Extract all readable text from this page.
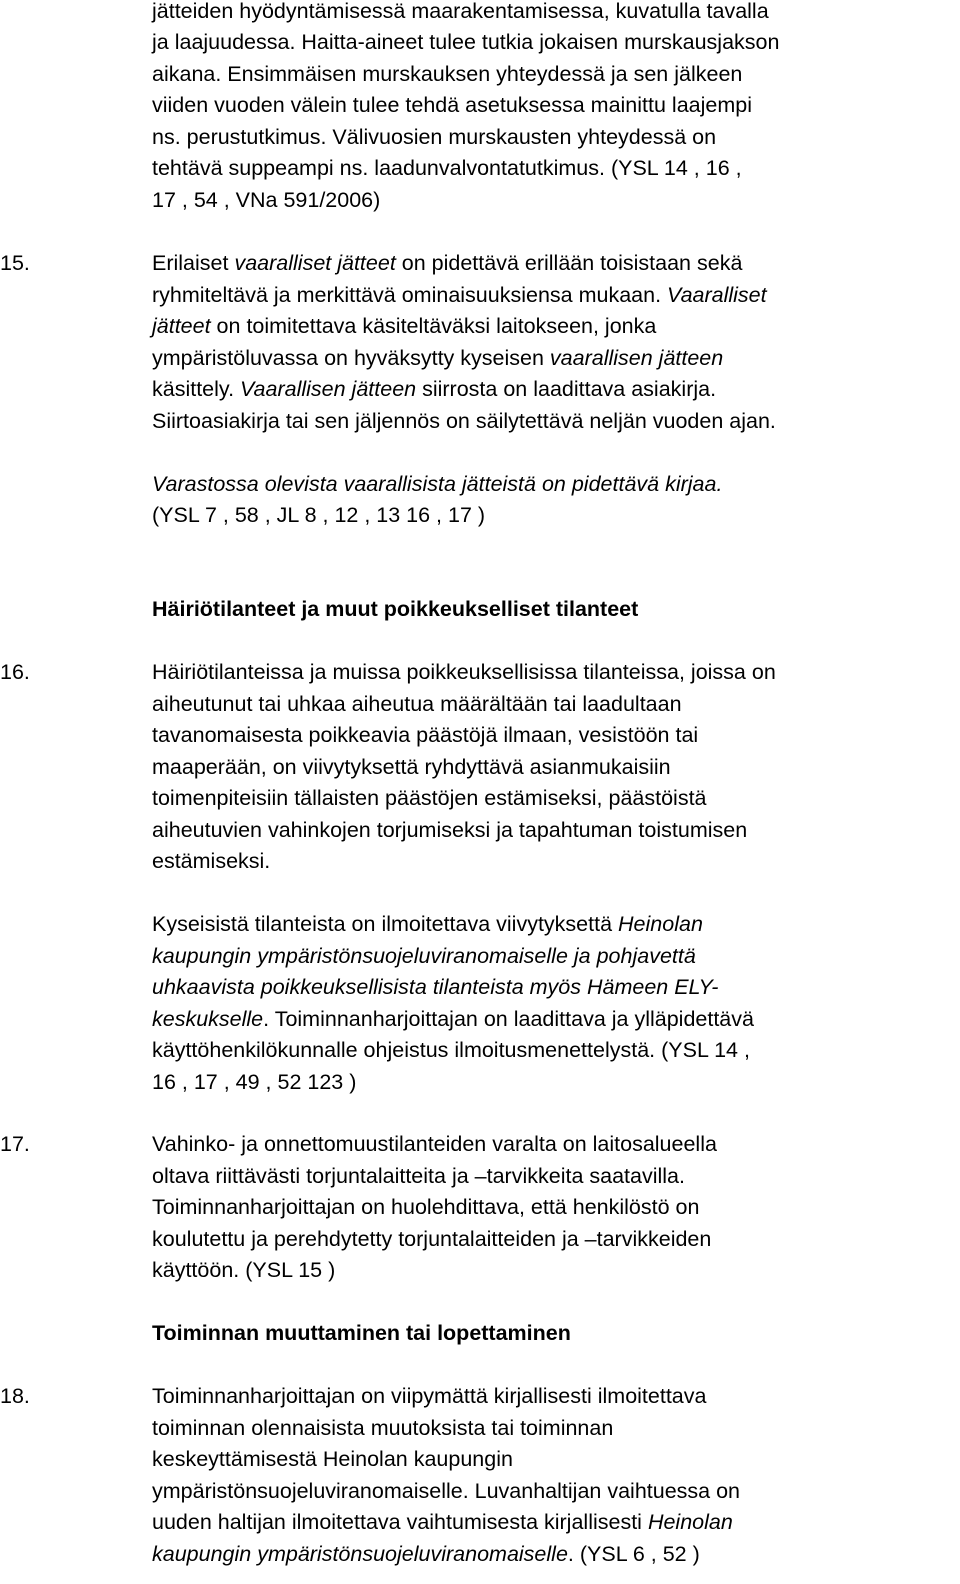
jätteiden hyödyntämisessä maarakentamisessa, kuvatulla tavalla

ja laajuudessa. Haitta-aineet tulee tutkia jokaisen murskausjakson

aikana. Ensimmäisen murskauksen yhteydessä ja sen jälkeen

viiden vuoden välein tulee tehdä asetuksessa mainittu laajempi

ns. perustutkimus. Välivuosien murskausten yhteydessä on

tehtävä suppeampi ns. laadunvalvontatutkimus. (YSL 14 , 16 ,

17 , 54 , VNa 591/2006)

15.	Erilaiset vaaralliset jätteet on pidettävä erillään toisistaan sekä

ryhmiteltävä ja merkittävä ominaisuuksiensa mukaan. Vaaralliset

jätteet on toimitettava käsiteltäväksi laitokseen, jonka

ympäristöluvassa on hyväksytty kyseisen vaarallisen jätteen

käsittely. Vaarallisen jätteen siirrosta on laadittava asiakirja.

Siirtoasiakirja tai sen jäljennös on säilytettävä neljän vuoden ajan.

Varastossa olevista vaarallisista jätteistä on pidettävä kirjaa.

(YSL 7 , 58 , JL 8 , 12 , 13 16 , 17 )

Häiriötilanteet ja muut poikkeukselliset tilanteet
16.	Häiriötilanteissa ja muissa poikkeuksellisissa tilanteissa, joissa on

aiheutunut tai uhkaa aiheutua määrältään tai laadultaan

tavanomaisesta poikkeavia päästöjä ilmaan, vesistöön tai

maaperään, on viivytyksettä ryhdyttävä asianmukaisiin

toimenpiteisiin tällaisten päästöjen estämiseksi, päästöistä

aiheutuvien vahinkojen torjumiseksi ja tapahtuman toistumisen

estämiseksi.

Kyseisistä tilanteista on ilmoitettava viivytyksettä Heinolan

kaupungin ympäristönsuojeluviranomaiselle ja pohjavettä

uhkaavista poikkeuksellisista tilanteista myös Hämeen ELY-

keskukselle. Toiminnanharjoittajan on laadittava ja ylläpidettävä

käyttöhenkilökunnalle ohjeistus ilmoitusmenettelystä. (YSL 14 ,

16 , 17 , 49 , 52 123 )

17.	Vahinko- ja onnettomuustilanteiden varalta on laitosalueella

oltava riittävästi torjuntalaitteita ja –tarvikkeita saatavilla.

Toiminnanharjoittajan on huolehdittava, että henkilöstö on

koulutettu ja perehdytetty torjuntalaitteiden ja –tarvikkeiden

käyttöön. (YSL 15 )

Toiminnan muuttaminen tai lopettaminen
18.	Toiminnanharjoittajan on viipymättä kirjallisesti ilmoitettava

toiminnan olennaisista muutoksista tai toiminnan

keskeyttämisestä Heinolan kaupungin

ympäristönsuojeluviranomaiselle. Luvanhaltijan vaihtuessa on

uuden haltijan ilmoitettava vaihtumisesta kirjallisesti Heinolan

kaupungin ympäristönsuojeluviranomaiselle. (YSL 6 , 52 )
